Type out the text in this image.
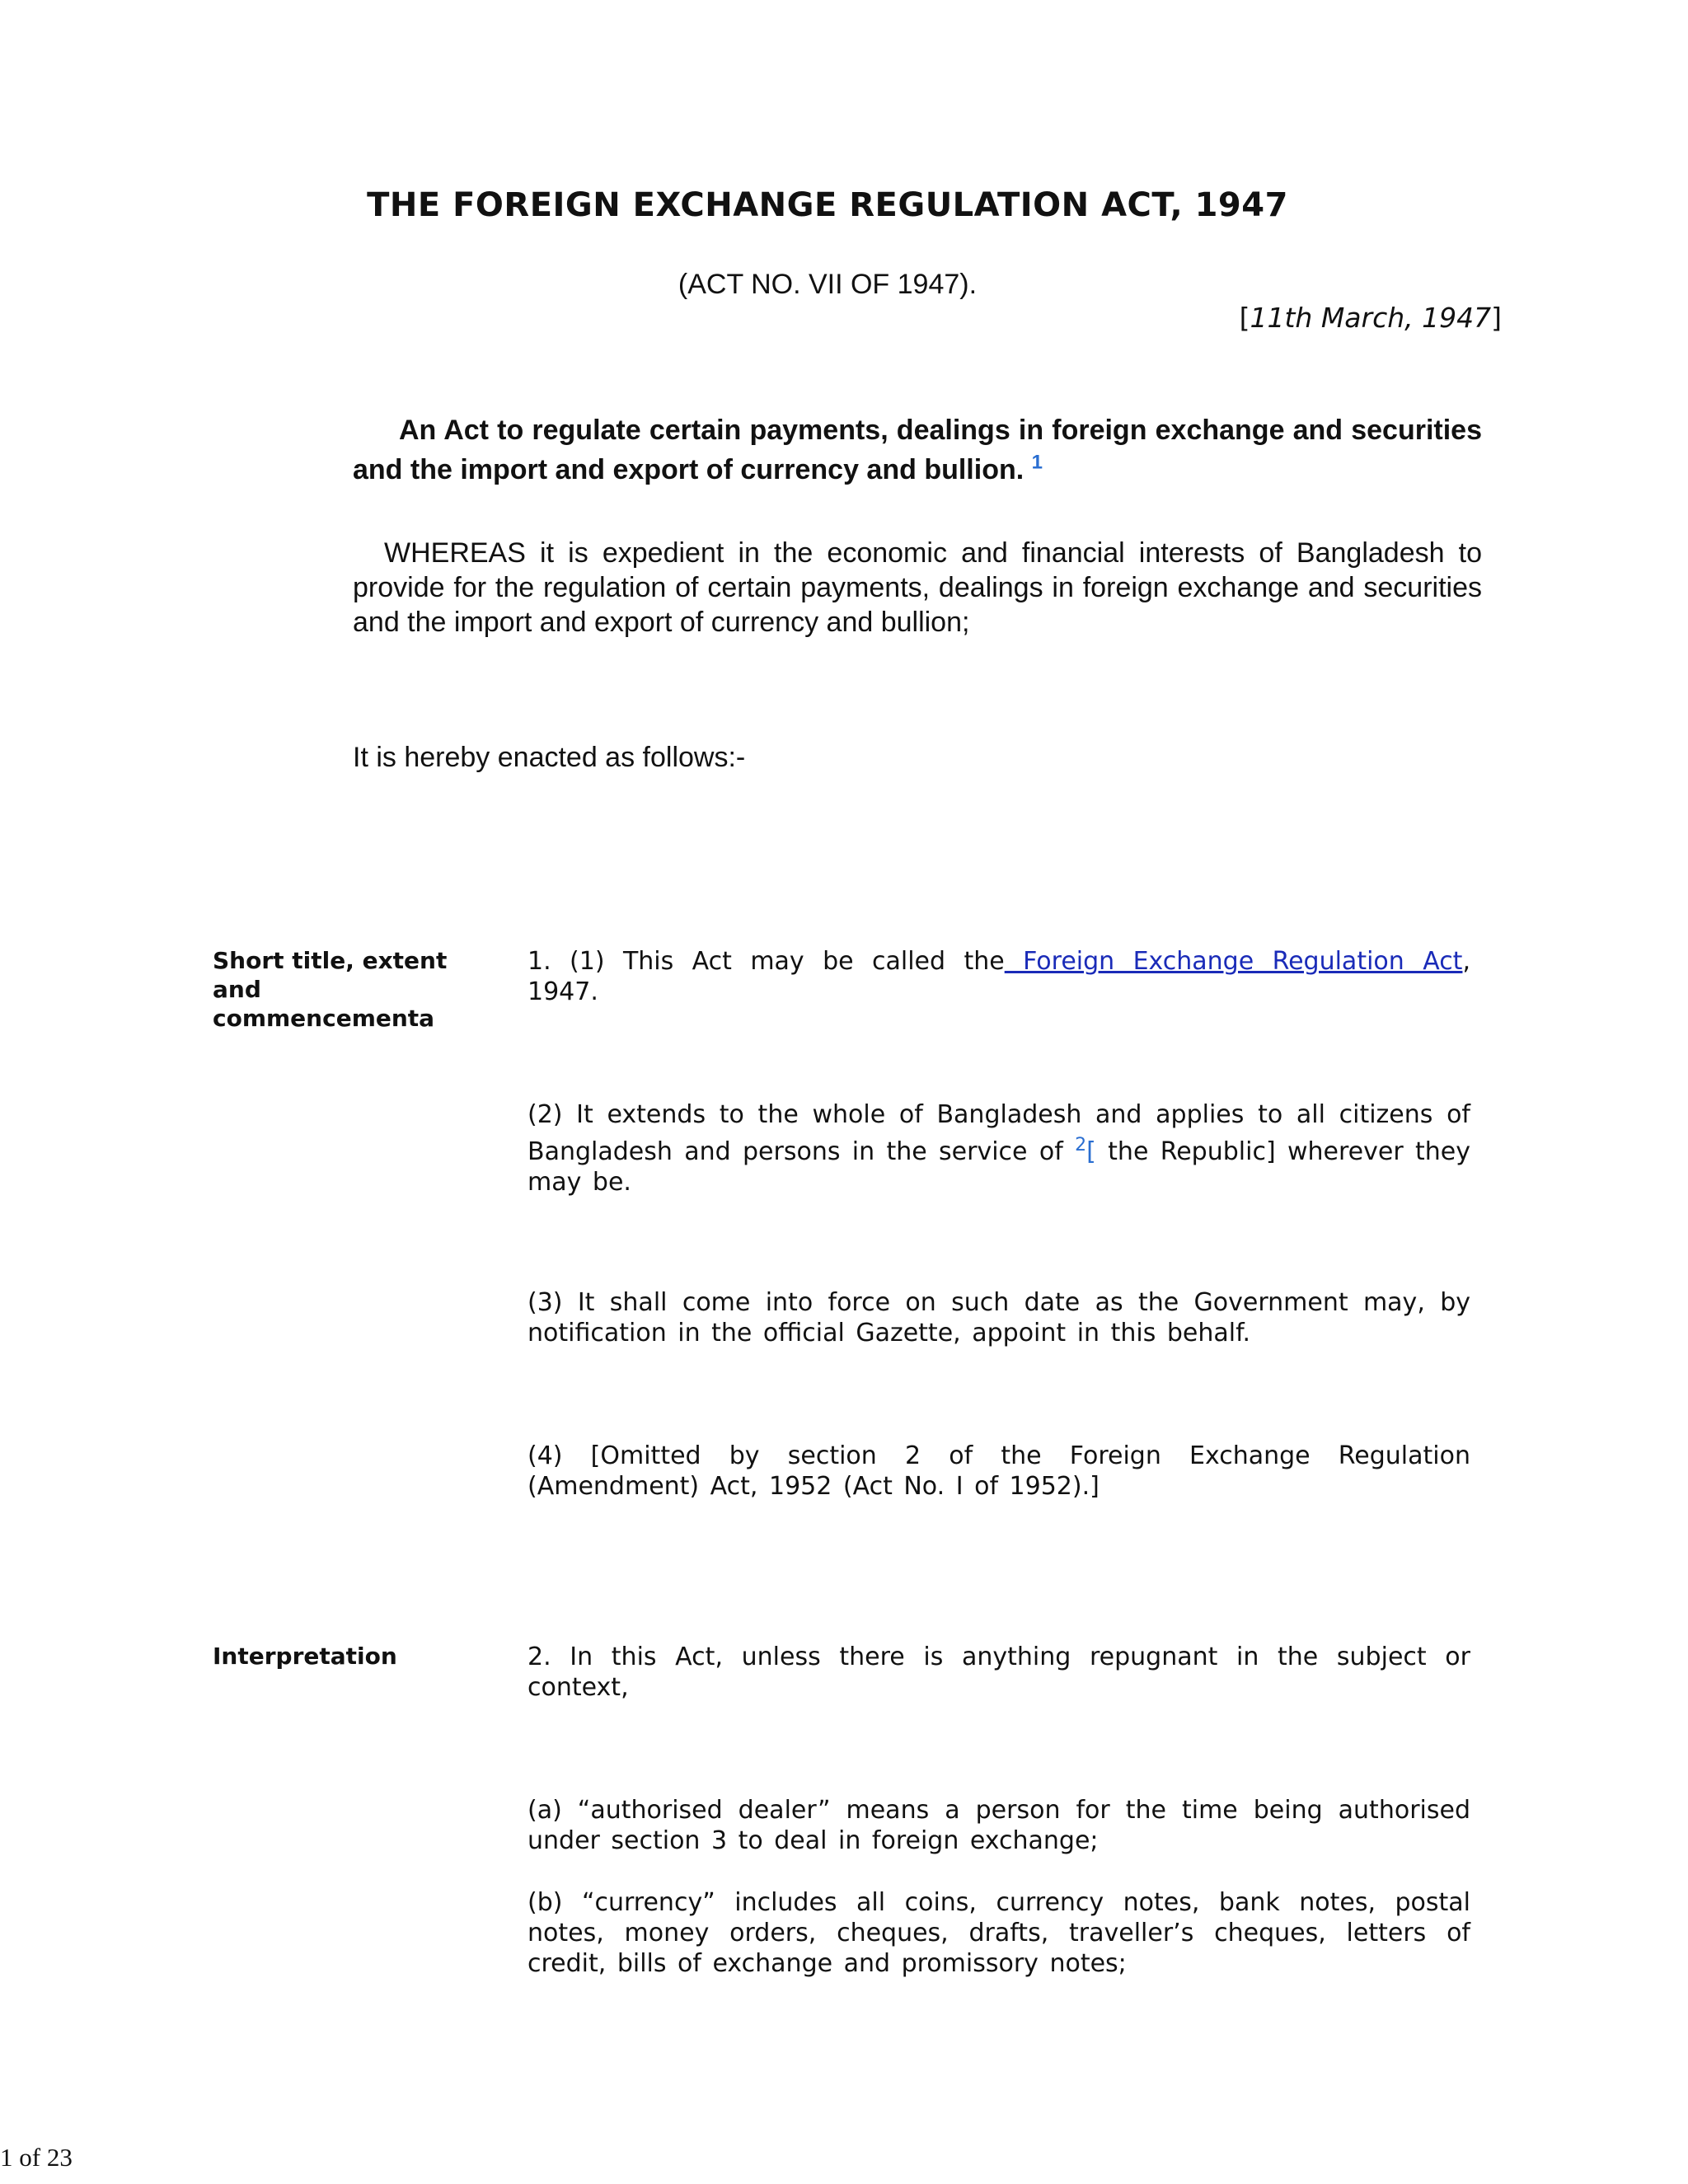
THE FOREIGN EXCHANGE REGULATION ACT, 1947
(ACT NO. VII OF 1947).
[11th March, 1947]
An Act to regulate certain payments, dealings in foreign exchange and securities and the import and export of currency and bullion. $^1$
WHEREAS it is expedient in the economic and financial interests of Bangladesh to provide for the regulation of certain payments, dealings in foreign exchange and securities and the import and export of currency and bullion;
It is hereby enacted as follows:-
Short title, extent and commencementa
1. (1) This Act may be called the Foreign Exchange Regulation Act, 1947.
(2) It extends to the whole of Bangladesh and applies to all citizens of Bangladesh and persons in the service of $^2$[ the Republic] wherever they may be.
(3) It shall come into force on such date as the Government may, by notification in the official Gazette, appoint in this behalf.
(4) [Omitted by section 2 of the Foreign Exchange Regulation (Amendment) Act, 1952 (Act No. I of 1952).]
Interpretation	2. In this Act, unless there is anything repugnant in the subject or context,
(a) “authorised dealer” means a person for the time being authorised under section 3 to deal in foreign exchange;
(b) “currency” includes all coins, currency notes, bank notes, postal notes, money orders, cheques, drafts, traveller’s cheques, letters of credit, bills of exchange and promissory notes;
1 of 23
